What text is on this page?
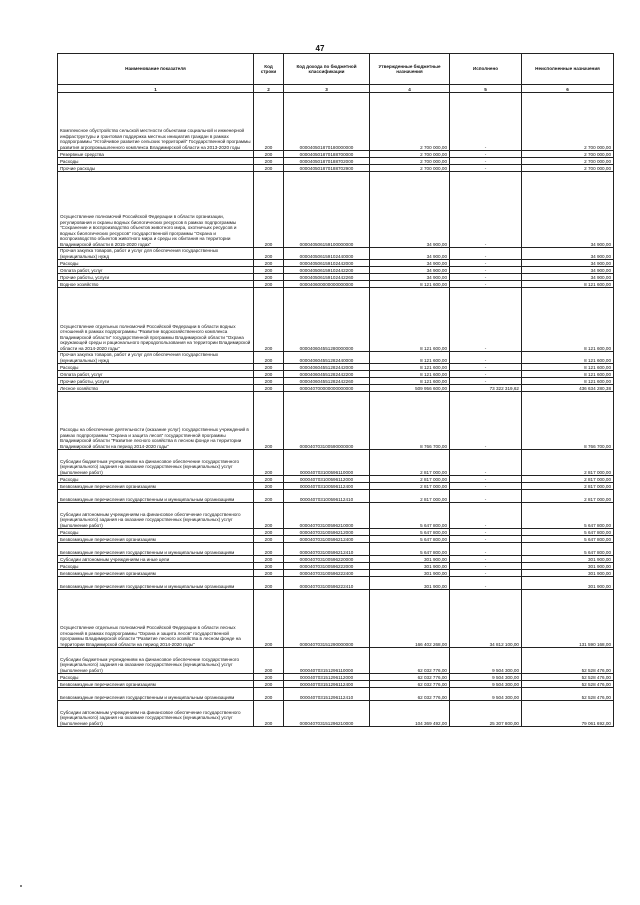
47
Наименование показателя	Код строки	Код дохода по бюджетной классификации	Утвержденные бюджетные назначения	Исполнено	Неисполненные назначения
1	2	3	4	5	6
Комплексное обустройство сельской местности объектами социальной и инженерной инфраструктуры и грантовая поддержка местных инициатив граждан в рамках подпрограммы "Устойчивое развитие сельских территорий" Государственной программы развития агропромышленного комплекса Владимирской области на 2013-2020 годы	200	000040501870180000000	2 700 000,00	-	2 700 000,00
Резервные средства	200	000040501870188700000	2 700 000,00	-	2 700 000,00
Расходы	200	000040501870188702000	2 700 000,00	-	2 700 000,00
Прочие расходы	200	000040501870188702900	2 700 000,00	-	2 700 000,00
Осуществление полномочий Российской Федерации в области организации, регулирования и охраны водных биологических ресурсов в рамках подпрограммы "Сохранение и воспроизводство объектов животного мира, охотничьих ресурсов и водных биологических ресурсов" государственной программы "Охрана и воспроизводство объектов животного мира и среды их обитания на территории Владимирской области в 2015-2020 годах"	200	000040506159100000000	34 900,00	-	34 900,00
Прочая закупка товаров, работ и услуг для обеспечения государственных (муниципальных) нужд	200	000040506159102440000	34 900,00	-	34 900,00
Расходы	200	000040506159102442000	34 900,00	-	34 900,00
Оплата работ, услуг	200	000040506159102442200	34 900,00	-	34 900,00
Прочие работы, услуги	200	000040506159102442260	34 900,00	-	34 900,00
Водное хозяйство	200	000040600000000000000	8 121 600,00	-	8 121 600,00
Осуществление отдельных полномочий Российской Федерации в области водных отношений в рамках подпрограммы "Развитие водохозяйственного комплекса Владимирской области" государственной программы Владимирской области "Охрана окружающей среды и рационального природопользования на территории Владимирской области на 2014-2020 годы"	200	000040604551280000000	8 121 600,00	-	8 121 600,00
Прочая закупка товаров, работ и услуг для обеспечения государственных (муниципальных) нужд	200	000040604551282440000	8 121 600,00	-	8 121 600,00
Расходы	200	000040604551282442000	8 121 600,00	-	8 121 600,00
Оплата работ, услуг	200	000040604551282442200	8 121 600,00	-	8 121 600,00
Прочие работы, услуги	200	000040604551282442260	8 121 600,00	-	8 121 600,00
Лесное хозяйство	200	000040700000000000000	509 956 600,00	73 322 319,62	436 634 280,38
Расходы на обеспечение деятельности (оказание услуг) государственных учреждений в рамках подпрограммы "Охрана и защита лесов" государственной программы Владимирской области "Развитие лесного хозяйства в лесном фонде на территории Владимирской области на период 2014-2020 годы"	200	000040703100590000000	8 766 700,00	-	8 766 700,00
Субсидии бюджетным учреждениям на финансовое обеспечение государственного (муниципального) задания на оказание государственных (муниципальных) услуг (выполнение работ)	200	000040703100596110000	2 817 000,00	-	2 817 000,00
Расходы	200	000040703100596112000	2 817 000,00	-	2 817 000,00
Безвозмездные перечисления организациям	200	000040703100596112400	2 817 000,00	-	2 817 000,00
Безвозмездные перечисления государственным и муниципальным организациям	200	000040703100596112410	2 817 000,00	-	2 817 000,00
Субсидии автономным учреждениям на финансовое обеспечение государственного (муниципального) задания на оказание государственных (муниципальных) услуг (выполнение работ)	200	000040703100596210000	5 647 800,00	-	5 647 800,00
Расходы	200	000040703100596212000	5 647 800,00	-	5 647 800,00
Безвозмездные перечисления организациям	200	000040703100596212400	5 647 800,00	-	5 647 800,00
Безвозмездные перечисления государственным и муниципальным организациям	200	000040703100596212410	5 647 800,00	-	5 647 800,00
Субсидии автономным учреждениям на иные цели	200	000040703100596220000	301 900,00	-	301 900,00
Расходы	200	000040703100596222000	301 900,00	-	301 900,00
Безвозмездные перечисления организациям	200	000040703100596222400	301 900,00	-	301 900,00
Безвозмездные перечисления государственным и муниципальным организациям	200	000040703100596222410	301 900,00	-	301 900,00
Осуществление отдельных полномочий Российской Федерации в области лесных отношений в рамках подпрограммы "Охрана и защита лесов" государственной программы Владимирской области "Развитие лесного хозяйства в лесном фонде на территории Владимирской области на период 2014-2020 годы"	200	000040703151290000000	166 402 268,00	34 812 100,00	131 590 168,00
Субсидии бюджетным учреждениям на финансовое обеспечение государственного (муниципального) задания на оказание государственных (муниципальных) услуг (выполнение работ)	200	000040703151296110000	62 032 776,00	9 504 300,00	52 528 476,00
Расходы	200	000040703151296112000	62 032 776,00	9 504 300,00	52 528 476,00
Безвозмездные перечисления организациям	200	000040703151296112400	62 032 776,00	9 504 300,00	52 528 476,00
Безвозмездные перечисления государственным и муниципальным организациям	200	000040703151296112410	62 032 776,00	9 504 300,00	52 528 476,00
Субсидии автономным учреждениям на финансовое обеспечение государственного (муниципального) задания на оказание государственных (муниципальных) услуг (выполнение работ)	200	000040703151296210000	104 369 492,00	25 307 800,00	79 061 692,00
